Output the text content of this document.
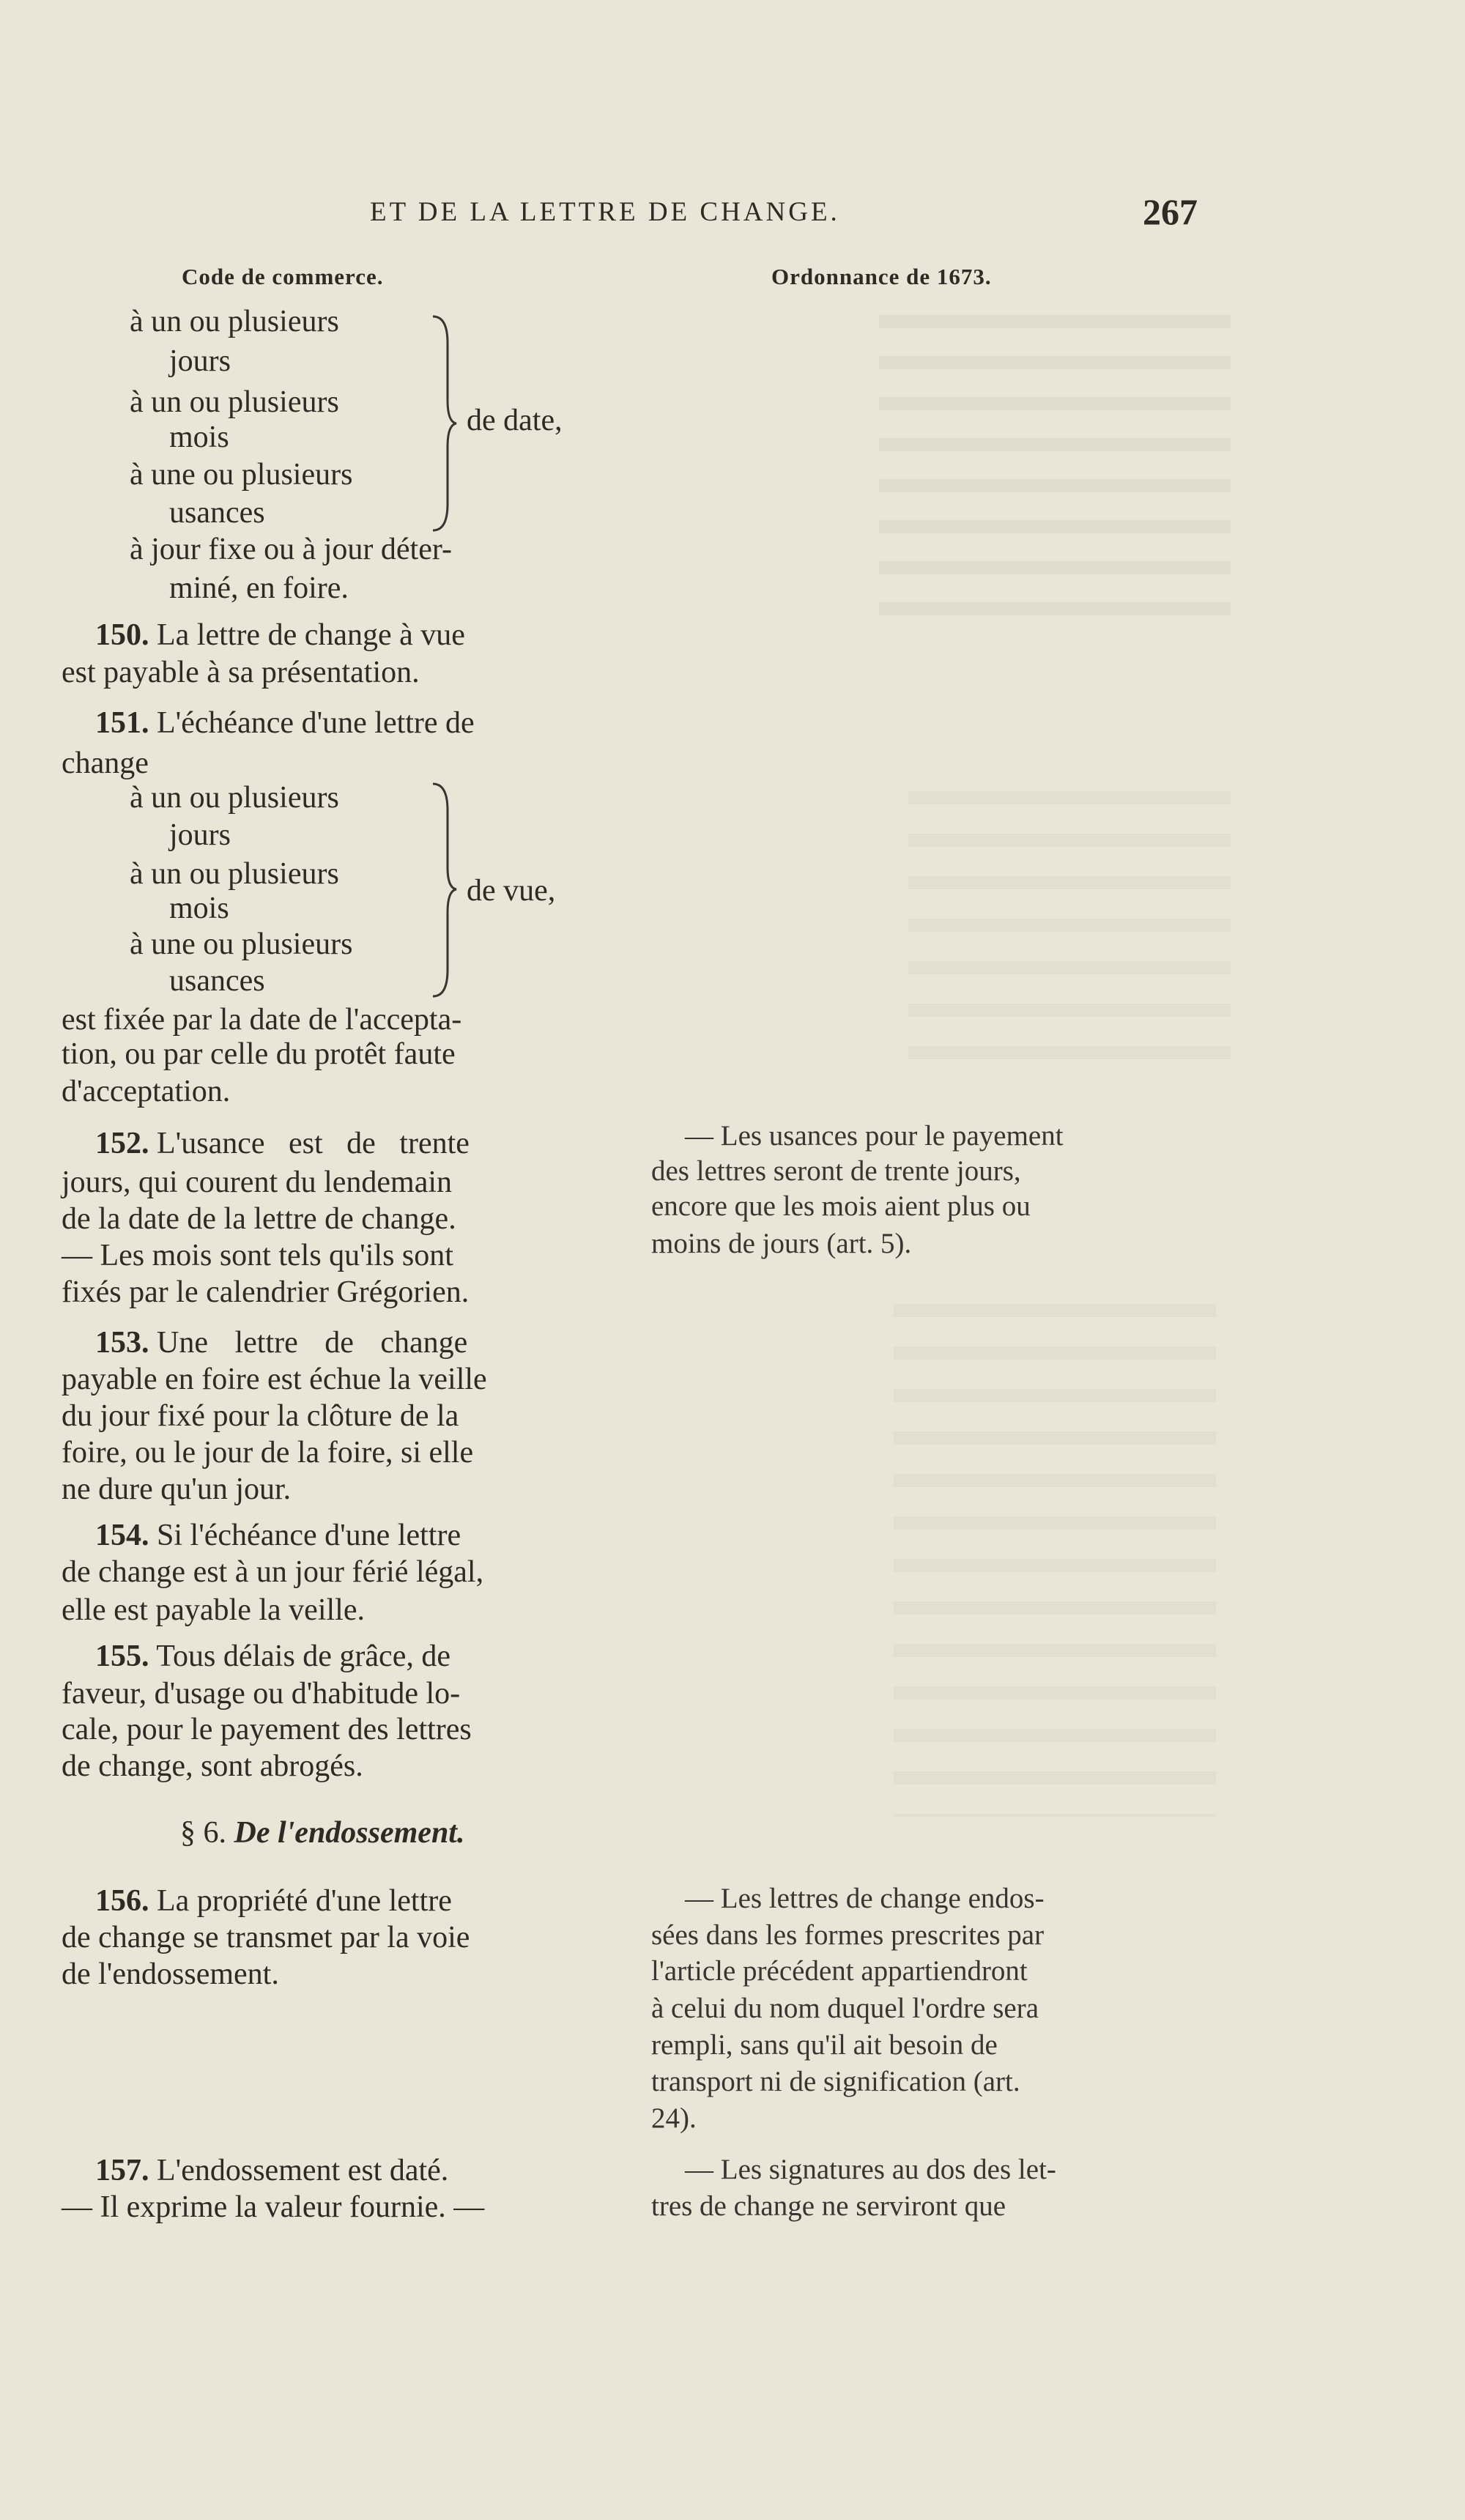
ET DE LA LETTRE DE CHANGE.	267
Code de commerce.	Ordonnance de 1673.
à un ou plusieurs
jours
à un ou plusieurs
mois
à une ou plusieurs
usances
de date,
à jour fixe ou à jour déter-
miné, en foire.
150. La lettre de change à vue
est payable à sa présentation.
151. L'échéance d'une lettre de
change
à un ou plusieurs
jours
à un ou plusieurs
mois
à une ou plusieurs
usances
de vue,
est fixée par la date de l'accepta-
tion, ou par celle du protêt faute
d'acceptation.
152. L'usance est de trente
jours, qui courent du lendemain
de la date de la lettre de change.
— Les mois sont tels qu'ils sont
fixés par le calendrier Grégorien.
153. Une lettre de change
payable en foire est échue la veille
du jour fixé pour la clôture de la
foire, ou le jour de la foire, si elle
ne dure qu'un jour.
154. Si l'échéance d'une lettre
de change est à un jour férié légal,
elle est payable la veille.
155. Tous délais de grâce, de
faveur, d'usage ou d'habitude lo-
cale, pour le payement des lettres
de change, sont abrogés.
§ 6. De l'endossement.
156. La propriété d'une lettre
de change se transmet par la voie
de l'endossement.
157. L'endossement est daté.
— Il exprime la valeur fournie. —
— Les usances pour le payement
des lettres seront de trente jours,
encore que les mois aient plus ou
moins de jours (art. 5).
— Les lettres de change endos-
sées dans les formes prescrites par
l'article précédent appartiendront
à celui du nom duquel l'ordre sera
rempli, sans qu'il ait besoin de
transport ni de signification (art.
24).
— Les signatures au dos des let-
tres de change ne serviront que
